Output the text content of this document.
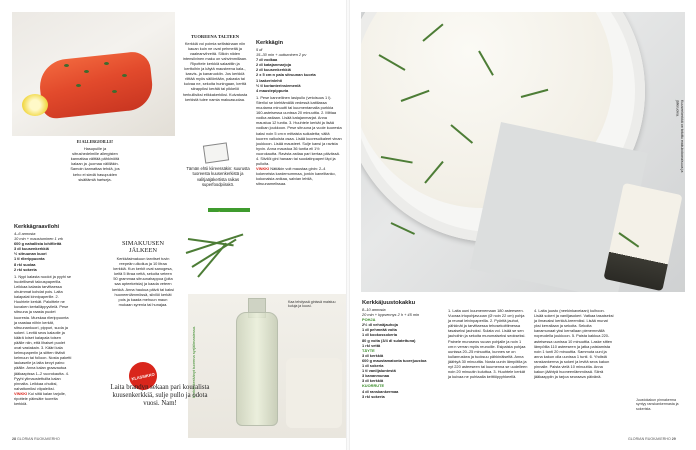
EI ALLERGIOILLE!
Hasupuille ja sitrushedelmille allergisten kannattaa välttää pähkinöitä kalaan ja -juomaa välilläkin. Samoin kannattaa tehdä, jos keho ei siedä hasupuiden sisältämiä hartseja.
Kerkkägraavilohi
4–6 annosta
10 min + maustuminen 1 vrk
600 g nahallista lohifilettä
3 dl kuusenkerkkiä
½ sitruunan kuori
1 tl rilerippuonta
8 rkl suolaa
2 rkl sokeria
1. Nypi kalasta ruodot ja pyyhi se huolellisesti talouspaperilla. Leikkaa kalasta tarvittaessa ohuimmat kohdat pois. Laita kalapalat kinnipaperille. 2. Huuhtele kerkät. Paloittele ne kuvaken kertalläppyvileiä. Pese sitruuna ja raasta puolet kuoresta. Murskaa rilerippuonta ja raastaa niihin kerkät, sitruunankuori, pippuri, suola ja sokeri. Levitä seos kalaotle ja käärä loiset kalapala toisen päälle niin, että lihaiset puolet ovat vastakain. 3. Kääri kala kelmupaperiin ja siitten tiiviisti kelmuun tai folioon. Nosta paketti laukaseile ja laita kevyt paino päälle. Anna kalan graavautua jääkaapissa 1–2 vuorokautta. 4. Pyyhi ylimaustettuilta kalan pinnalta. Leikkaa ohuiksi, nahattomiksi viipaleiksi.
VINKKI Kui siitä kalan tarjolle, ripottele päinsäte tuoreita kerkkiä.
TUOREENA TALTEEN
Kerkkiä voi poimia selfaisinaan niin kauan kuin ne ovat pehmeitä ja vaaleanvihreitä. Silloin niiden intensiivinen maku on vahvimmillaan. Ripottele kerkkiä salaattiin ja kerttoihin ja käytä mausteena kala-, kasvis- ja kanaruokiin. Jos kerkkiä riittää myös säilöntään, pakasta tai kuivaa ne, sekoita huningaan, kerttä siirappiksi kerätä tai pikkelöi herkullisiksi etikkakerkiksi. Kuivatusta kerkistä tulee namia makuasuolaa.
Kerkkägin
5 dl
15–30 min + uuttuminen 2 pv
7 dl vodkaa
2 dl katajanmarjoja
2 dl kuusenkerkkiä
2 x 5 cm:n pala sitruunan kuorta
1 laakerinlehti
½ tl korianterinsiemeniä
4 maustepippuria
1. Pese kanneliinen lasipullo (vetoisuus 1 l). Steriloi se kiehtämällä vedessä kattilassa muutama minuutti tai kuumentamalla purkkia 160-asteisessa uunissa 20 minuuttia. 2. Mittaa vodka astiaan. Lisää katajanmarjat. Anna maustua 12 tuntia. 3. Huuhtele kerkät ja lisää vodkan joukkoon. Pese sitruuna ja vuole kuoresta kaksi noin 5 cm:n mittaista suikaletta; vältä kuoren valkoista osaa. Lisää kuoresuikaleet vinan joukkoon. Lisää mausteet. Sulje kansi ja ravista hyvin. Anna maustua 36 tuntia eli 1½ vuorokautta. Ravista astiaa pari kertaa päivässä. 4. Siivilöi gini hanaan tai suodatinpaperi läpi ja pulloita.
VINKKI Nätiäkin voit maustaa ginin: 2–4 kokeneista kardemummaa, jonkin kanelitanko, kokonaisia anikaa, salvian lehtiä, sitruunamelissaa.
Tämän ehtii kiireessäkin: suurusta tuoreesta kuusenkerkistä ja valitjaäjäkertista raikas superfoodpiirakö.
SIMAKUUSEN JÄLKEEN
Kerkkäsimakuun tarvitset tuvin reepeän ulkoilua ja 10 litraa kerkkiä. Kun kerkit ovat sanogesa, keitä 5 litraa vettä, sekoita veteen 50 grammaa sitruunahappoa (joita saa apteekeista) ja kaada veteen kerkkä. Anna haukua päivä tai kaksi huoneenlämmössä, siivilöi kerkät pois ja kaada mehuun maun mukaan syrenia tai hunajaa.
Kerkät keräänyt tuorena syrjäilmastessa.
Kaa tehdyssä ginissä maistuu kuluja ja kuusi.
KLASSIKKO
Laita brandyn sekaan pari kouralista kuusenkerkkiä, sulje pullo ja odota vuosi. Nam!
28 GLORIAN RUOKAKERHO
Kuusenkerkkä on totuttu makukokonaisuus ja jälkiruokia.
Kerkkäjuustokakku
8–10 annosta
20 min + kypsennys 2 h + 45 min
POHJA
2½ dl vehnäjauhoja
1 dl pehmeää voita
1 dl kookossokeria
80 g voita (3/4 dl sulatettuna)
1 rkl vettä
TÄYTE
3 dl kerkkiä
600 g maustamatonta tuorejuustoa
1 dl sokeria
1 tl vaniljaluntestä
3 kananmunaa
3 dl kerkkiä
KUORRUTE
4 dl ranskankermaa
3 rkl sokeria
1. Laita uuni kuumenemaan 180 asteeseen. Vuoraa irtopohjavuoan (Ø noin 22 cm) pohja ja reunat leivinpaperilla. 2. Pyöritä jauhot, pähkinät ja tarvittaessa tehosekoittimessa tasaiseksi jauhoksi. Sulata voi. Lisää se sen jauhoihin ja sekoita murumaiseksi seokseksi. Painele muruseos vuoan pohjalle ja noin 1 cm:n verran myös reunoille. Esipaista pohjaa uunissa 20–25 minuuttia, kunnes se on kullanruskea ja tuoksuu pähkinäiseltä. Anna jäähtyä 30 minuuttia. Nosta uunin lämpötila ja nyt 220 asteeseen tai kuumenna se uudelleen noin 20 minuutin kuluttua. 3. Huuhtele kerkät ja kuivaa ne puhtaalla keittiöpyyhkeellä.
4. Laita juusto (neekinkaveiaan) kulhoon. Lisää sokeri ja vaniljasokeri. Vatkaa tasaiseksi ja ilmavaksi kerkkä-kreemiksi. Lisää munat yksi kerrallaan ja sekoita. Sekoita kanamunaat yksi kerrallaan pienemmällä nopeudella joukkoon. 5. Paista kakkua 220-asteisessa uunissa 10 minuuttia. Laske sitten lämpötila 110 asteeseen ja jatka paistamista noin 1 tunti 20 minuuttia. Sammuta uuni ja anna kakun olla uunissa 1 tunti. 6. Yhdistä ranskankerma ja sokeri ja levitä seos kakun pinnalle. Paista vielä 10 minuuttia. Anna kakun jäähtyä huoneenlämmössä. Siirrä jääkaappiin ja tarjoa seuraava päivänä.
Juustokakun pinnakerma syntyy ranskankermasta ja sokerista.
GLORIAN RUOKAKERHO 29
